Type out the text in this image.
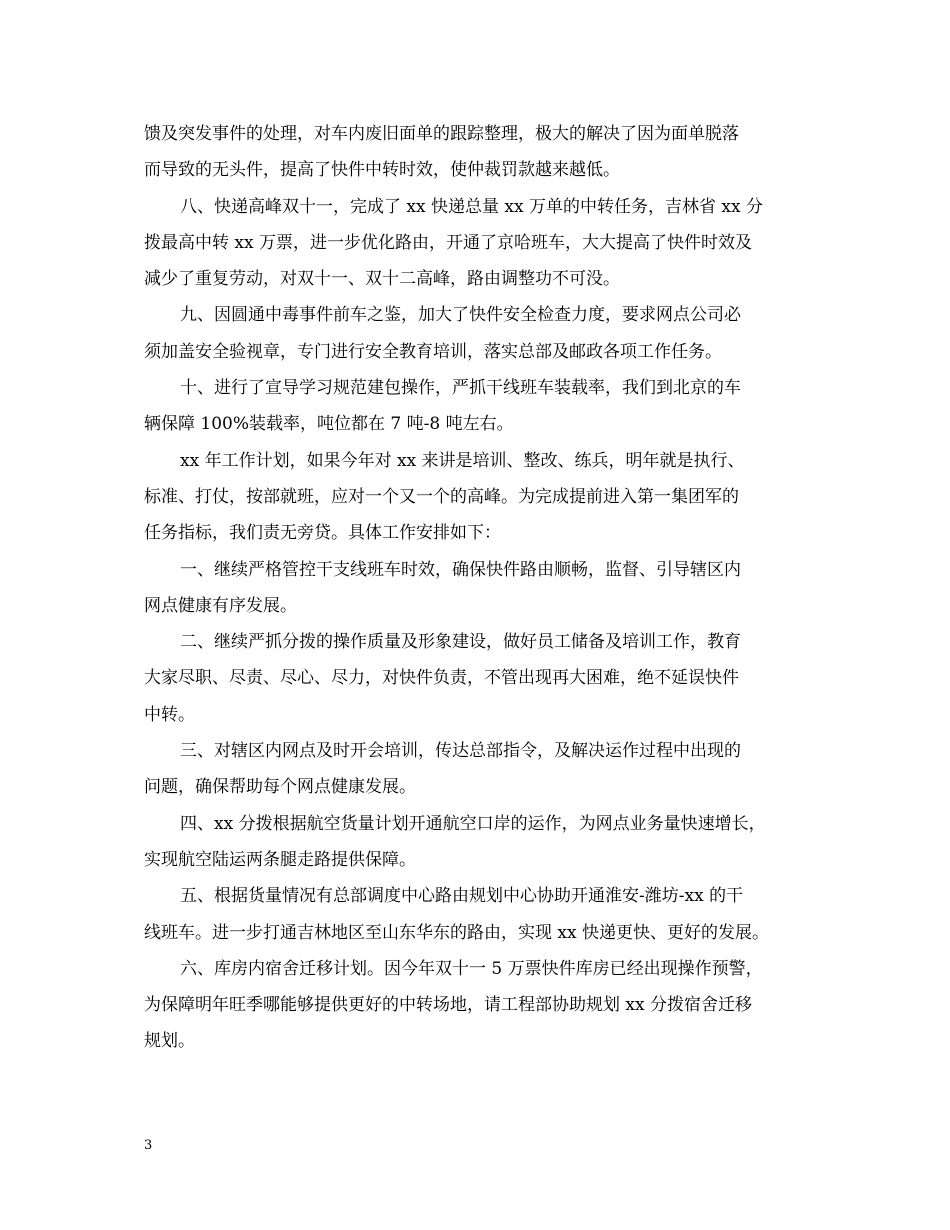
馈及突发事件的处理，对车内废旧面单的跟踪整理，极大的解决了因为面单脱落
而导致的无头件，提高了快件中转时效，使仲裁罚款越来越低。
八、快递高峰双十一，完成了 xx 快递总量 xx 万单的中转任务，吉林省 xx 分
拨最高中转 xx 万票，进一步优化路由，开通了京哈班车，大大提高了快件时效及
减少了重复劳动，对双十一、双十二高峰，路由调整功不可没。
九、因圆通中毒事件前车之鉴，加大了快件安全检查力度，要求网点公司必
须加盖安全验视章，专门进行安全教育培训，落实总部及邮政各项工作任务。
十、进行了宣导学习规范建包操作，严抓干线班车装载率，我们到北京的车
辆保障 100%装载率，吨位都在 7 吨-8 吨左右。
xx 年工作计划，如果今年对 xx 来讲是培训、整改、练兵，明年就是执行、
标准、打仗，按部就班，应对一个又一个的高峰。为完成提前进入第一集团军的
任务指标，我们责无旁贷。具体工作安排如下：
一、继续严格管控干支线班车时效，确保快件路由顺畅，监督、引导辖区内
网点健康有序发展。
二、继续严抓分拨的操作质量及形象建设，做好员工储备及培训工作，教育
大家尽职、尽责、尽心、尽力，对快件负责，不管出现再大困难，绝不延误快件
中转。
三、对辖区内网点及时开会培训，传达总部指令，及解决运作过程中出现的
问题，确保帮助每个网点健康发展。
四、xx 分拨根据航空货量计划开通航空口岸的运作，为网点业务量快速增长，
实现航空陆运两条腿走路提供保障。
五、根据货量情况有总部调度中心路由规划中心协助开通淮安-潍坊-xx 的干
线班车。进一步打通吉林地区至山东华东的路由，实现 xx 快递更快、更好的发展。
六、库房内宿舍迁移计划。因今年双十一 5 万票快件库房已经出现操作预警，
为保障明年旺季哪能够提供更好的中转场地，请工程部协助规划 xx 分拨宿舍迁移
规划。
3
